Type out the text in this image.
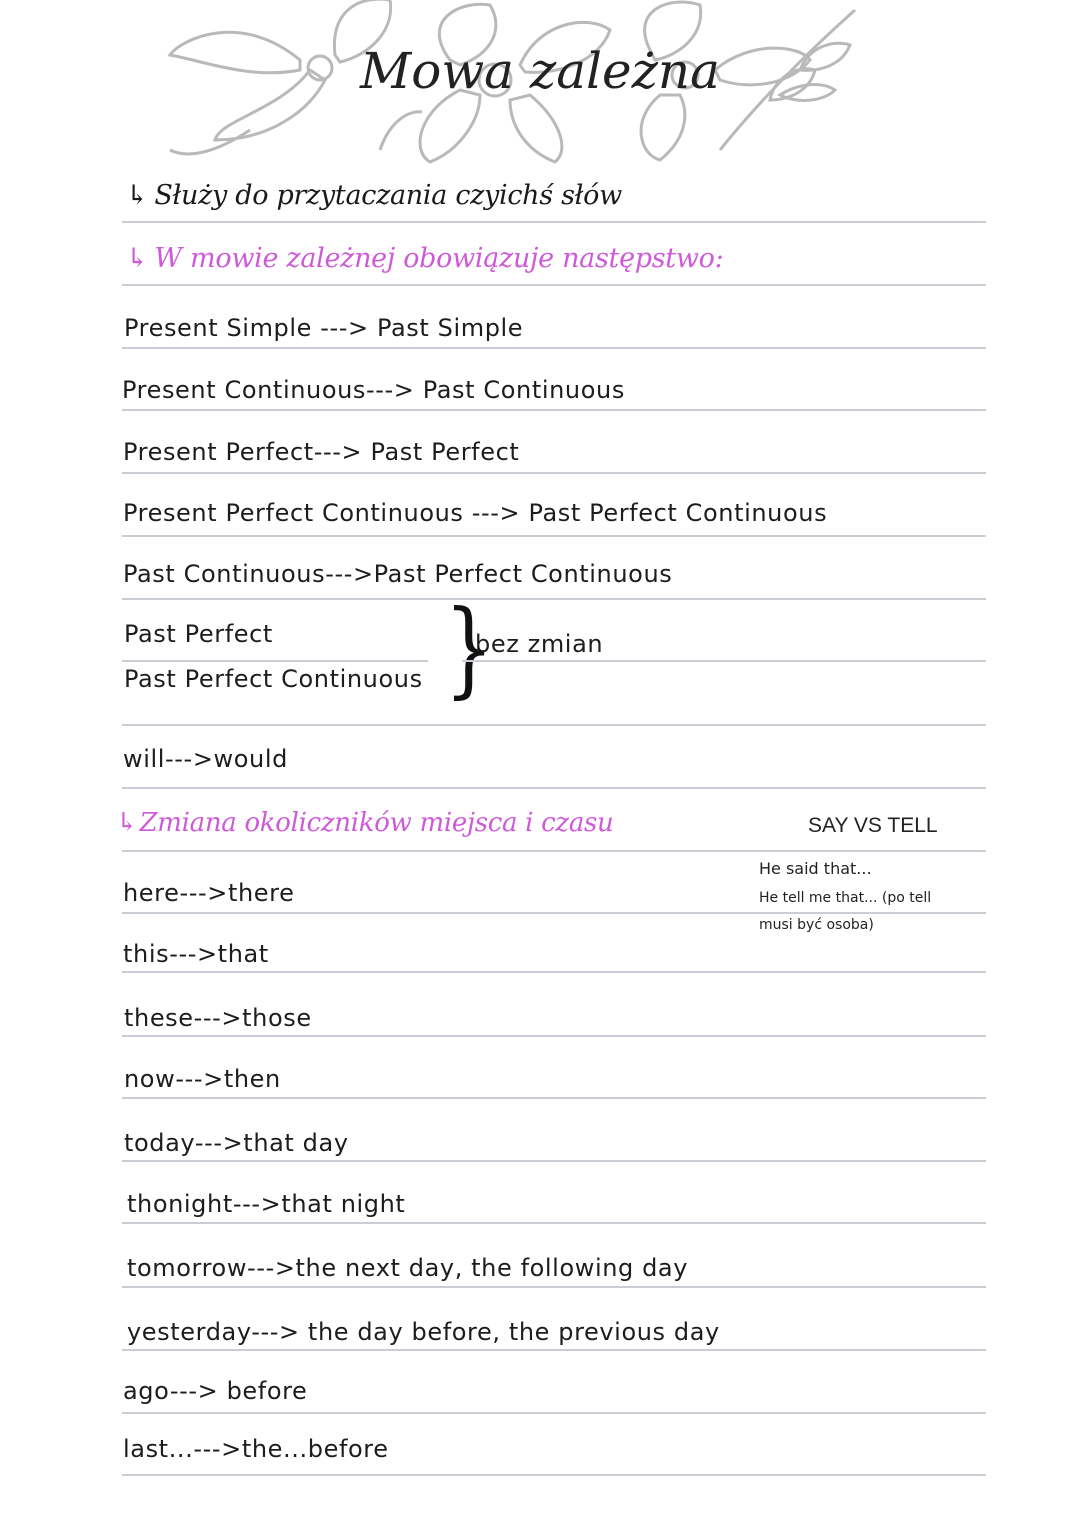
Mowa zależna
↳ Służy do przytaczania czyichś słów
↳ W mowie zależnej obowiązuje następstwo:
Present Simple ---> Past Simple
Present Continuous---> Past Continuous
Present Perfect---> Past Perfect
Present Perfect Continuous ---> Past Perfect Continuous
Past Continuous--->Past Perfect Continuous
Past Perfect
Past Perfect Continuous }
bez zmian
will--->would
↳Zmiana okoliczników miejsca i czasu	SAY VS TELL
He said that...
He tell me that... (po tell
musi być osoba)
here--->there
this--->that
these--->those
now--->then
today--->that day
thonight--->that night
tomorrow--->the next day, the following day
yesterday---> the day before, the previous day
ago---> before
last...--->the...before
